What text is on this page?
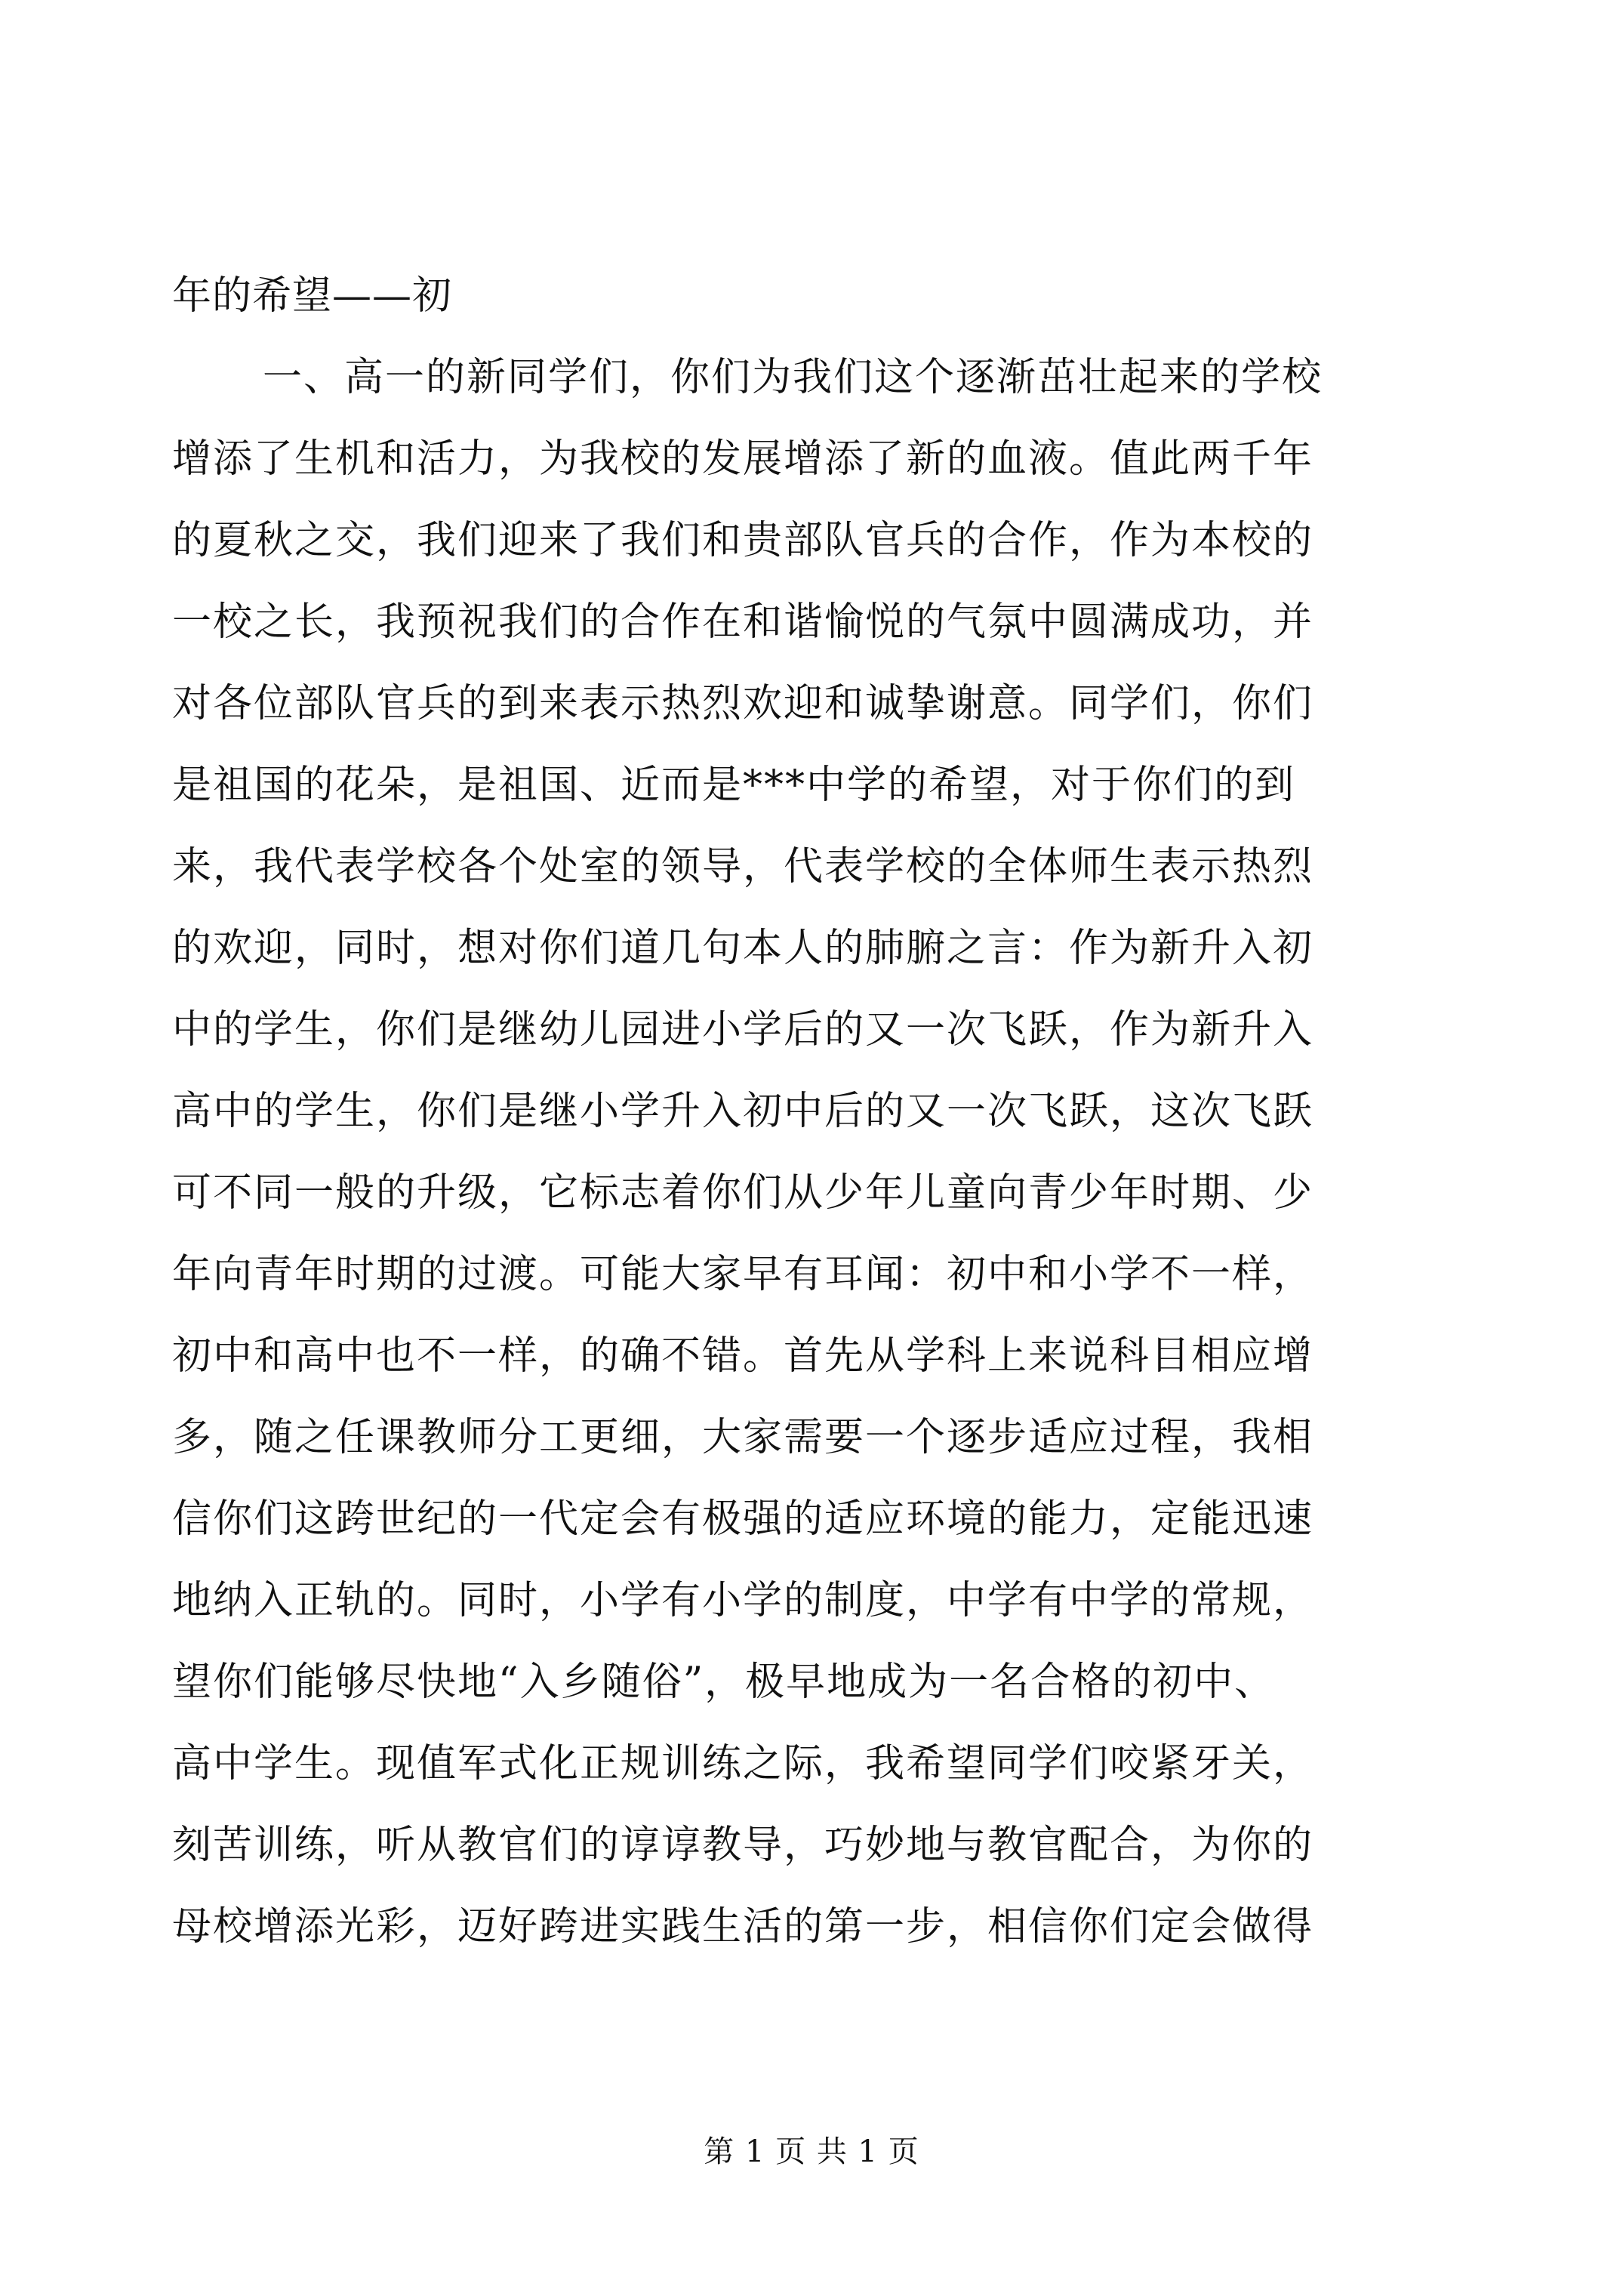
年的希望——初
一、高一的新同学们，你们为我们这个逐渐茁壮起来的学校
增添了生机和活力，为我校的发展增添了新的血液。值此两千年
的夏秋之交，我们迎来了我们和贵部队官兵的合作，作为本校的
一校之长，我预祝我们的合作在和谐愉悦的气氛中圆满成功，并
对各位部队官兵的到来表示热烈欢迎和诚挚谢意。同学们，你们
是祖国的花朵，是祖国、近而是***中学的希望，对于你们的到
来，我代表学校各个处室的领导，代表学校的全体师生表示热烈
的欢迎，同时，想对你们道几句本人的肺腑之言：作为新升入初
中的学生，你们是继幼儿园进小学后的又一次飞跃，作为新升入
高中的学生，你们是继小学升入初中后的又一次飞跃，这次飞跃
可不同一般的升级，它标志着你们从少年儿童向青少年时期、少
年向青年时期的过渡。可能大家早有耳闻：初中和小学不一样，
初中和高中也不一样，的确不错。首先从学科上来说科目相应增
多，随之任课教师分工更细，大家需要一个逐步适应过程，我相
信你们这跨世纪的一代定会有极强的适应环境的能力，定能迅速
地纳入正轨的。同时，小学有小学的制度，中学有中学的常规，
望你们能够尽快地“入乡随俗”，极早地成为一名合格的初中、
高中学生。现值军式化正规训练之际，我希望同学们咬紧牙关，
刻苦训练，听从教官们的谆谆教导，巧妙地与教官配合，为你的
母校增添光彩，迈好跨进实践生活的第一步，相信你们定会做得
第 1 页 共 1 页
